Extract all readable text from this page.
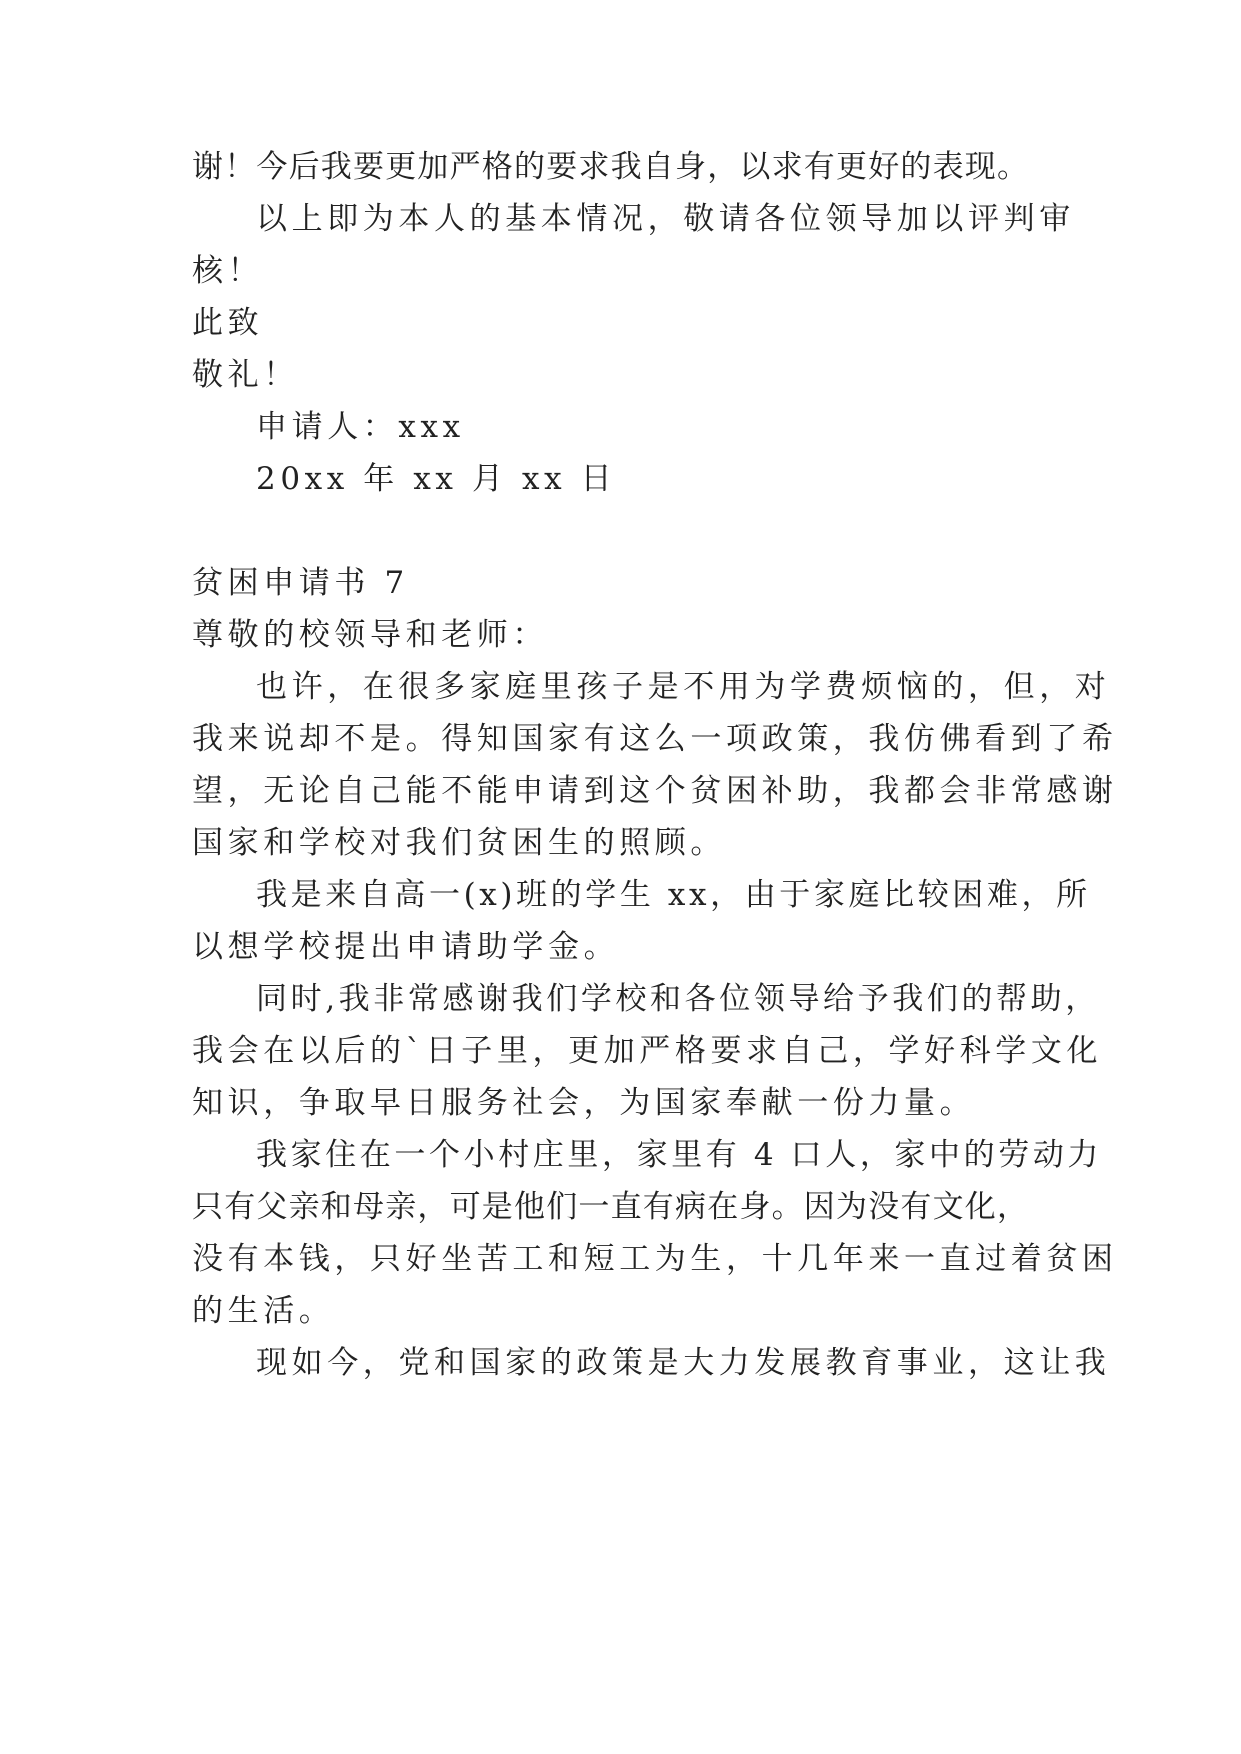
谢！今后我要更加严格的要求我自身，以求有更好的表现。
以上即为本人的基本情况，敬请各位领导加以评判审
核！
此致
敬礼！
申请人：xxx
20xx 年 xx 月 xx 日
贫困申请书 7
尊敬的校领导和老师：
也许，在很多家庭里孩子是不用为学费烦恼的，但，对
我来说却不是。得知国家有这么一项政策，我仿佛看到了希
望，无论自己能不能申请到这个贫困补助，我都会非常感谢
国家和学校对我们贫困生的照顾。
我是来自高一(x)班的学生 xx，由于家庭比较困难，所
以想学校提出申请助学金。
同时,我非常感谢我们学校和各位领导给予我们的帮助，
我会在以后的`日子里，更加严格要求自己，学好科学文化
知识，争取早日服务社会，为国家奉献一份力量。
我家住在一个小村庄里，家里有 4 口人，家中的劳动力
只有父亲和母亲，可是他们一直有病在身。因为没有文化，
没有本钱，只好坐苦工和短工为生，十几年来一直过着贫困
的生活。
现如今，党和国家的政策是大力发展教育事业，这让我
